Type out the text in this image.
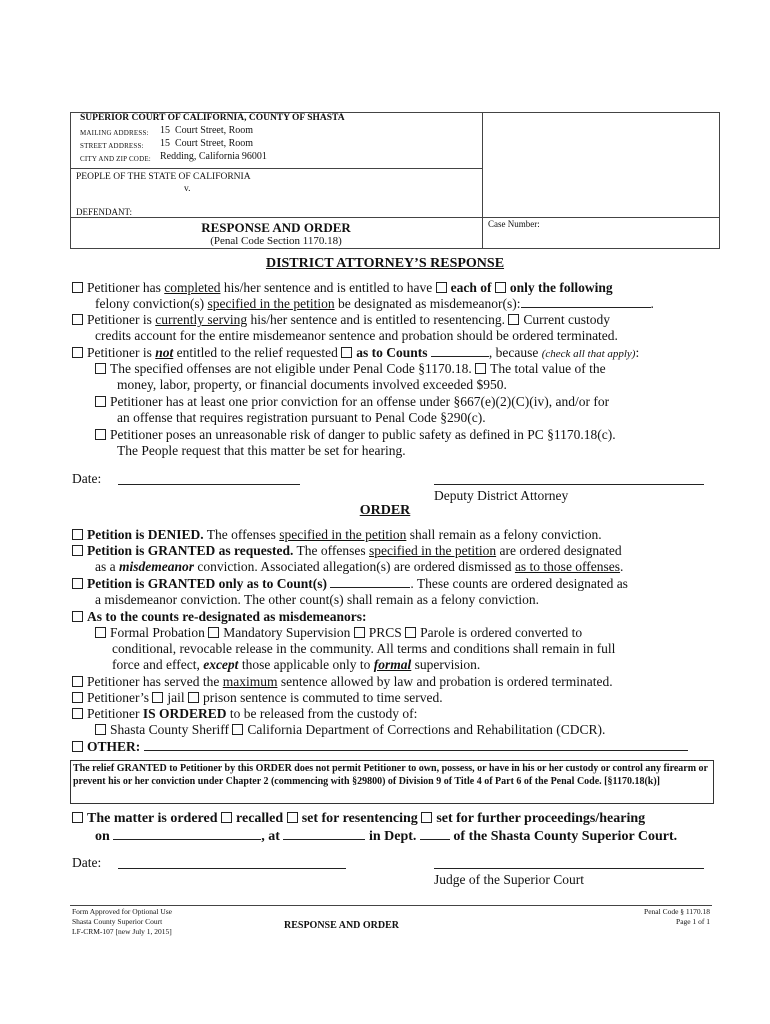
SUPERIOR COURT OF CALIFORNIA, COUNTY OF SHASTA
MAILING ADDRESS: 15  Court Street, Room
STREET ADDRESS: 15  Court Street, Room
CITY AND ZIP CODE: Redding, California 96001
PEOPLE OF THE STATE OF CALIFORNIA
v.
DEFENDANT:
RESPONSE AND ORDER
(Penal Code Section 1170.18)
Case Number:
DISTRICT ATTORNEY’S RESPONSE
Petitioner has completed his/her sentence and is entitled to have each of only the following
felony conviction(s) specified in the petition be designated as misdemeanor(s):	.
Petitioner is currently serving his/her sentence and is entitled to resentencing. Current custody
credits account for the entire misdemeanor sentence and probation should be ordered terminated.
Petitioner is not entitled to the relief requested as to Counts	, because (check all that apply):
The specified offenses are not eligible under Penal Code §1170.18. The total value of the
money, labor, property, or financial documents involved exceeded $950.
Petitioner has at least one prior conviction for an offense under §667(e)(2)(C)(iv), and/or for
an offense that requires registration pursuant to Penal Code §290(c).
Petitioner poses an unreasonable risk of danger to public safety as defined in PC §1170.18(c).
The People request that this matter be set for hearing.
Date:
Deputy District Attorney
ORDER
Petition is DENIED. The offenses specified in the petition shall remain as a felony conviction.
Petition is GRANTED as requested. The offenses specified in the petition are ordered designated
as a misdemeanor conviction. Associated allegation(s) are ordered dismissed as to those offenses.
Petition is GRANTED only as to Count(s)	. These counts are ordered designated as
a misdemeanor conviction. The other count(s) shall remain as a felony conviction.
As to the counts re-designated as misdemeanors:
Formal Probation Mandatory Supervision PRCS Parole is ordered converted to
conditional, revocable release in the community. All terms and conditions shall remain in full
force and effect, except those applicable only to formal supervision.
Petitioner has served the maximum sentence allowed by law and probation is ordered terminated.
Petitioner’s jail prison sentence is commuted to time served.
Petitioner IS ORDERED to be released from the custody of:
Shasta County Sheriff California Department of Corrections and Rehabilitation (CDCR).
OTHER:
The relief GRANTED to Petitioner by this ORDER does not permit Petitioner to own, possess, or have in his or her custody or control any firearm or prevent his or her conviction under Chapter 2 (commencing with §29800) of Division 9 of Title 4 of Part 6 of the Penal Code. [§1170.18(k)]
The matter is ordered recalled set for resentencing set for further proceedings/hearing
on	, at	in Dept.	of the Shasta County Superior Court.
Date:
Judge of the Superior Court
Form Approved for Optional Use
Shasta County Superior Court
LF-CRM-107 [new July 1, 2015]
RESPONSE AND ORDER
Penal Code § 1170.18
Page 1 of 1
